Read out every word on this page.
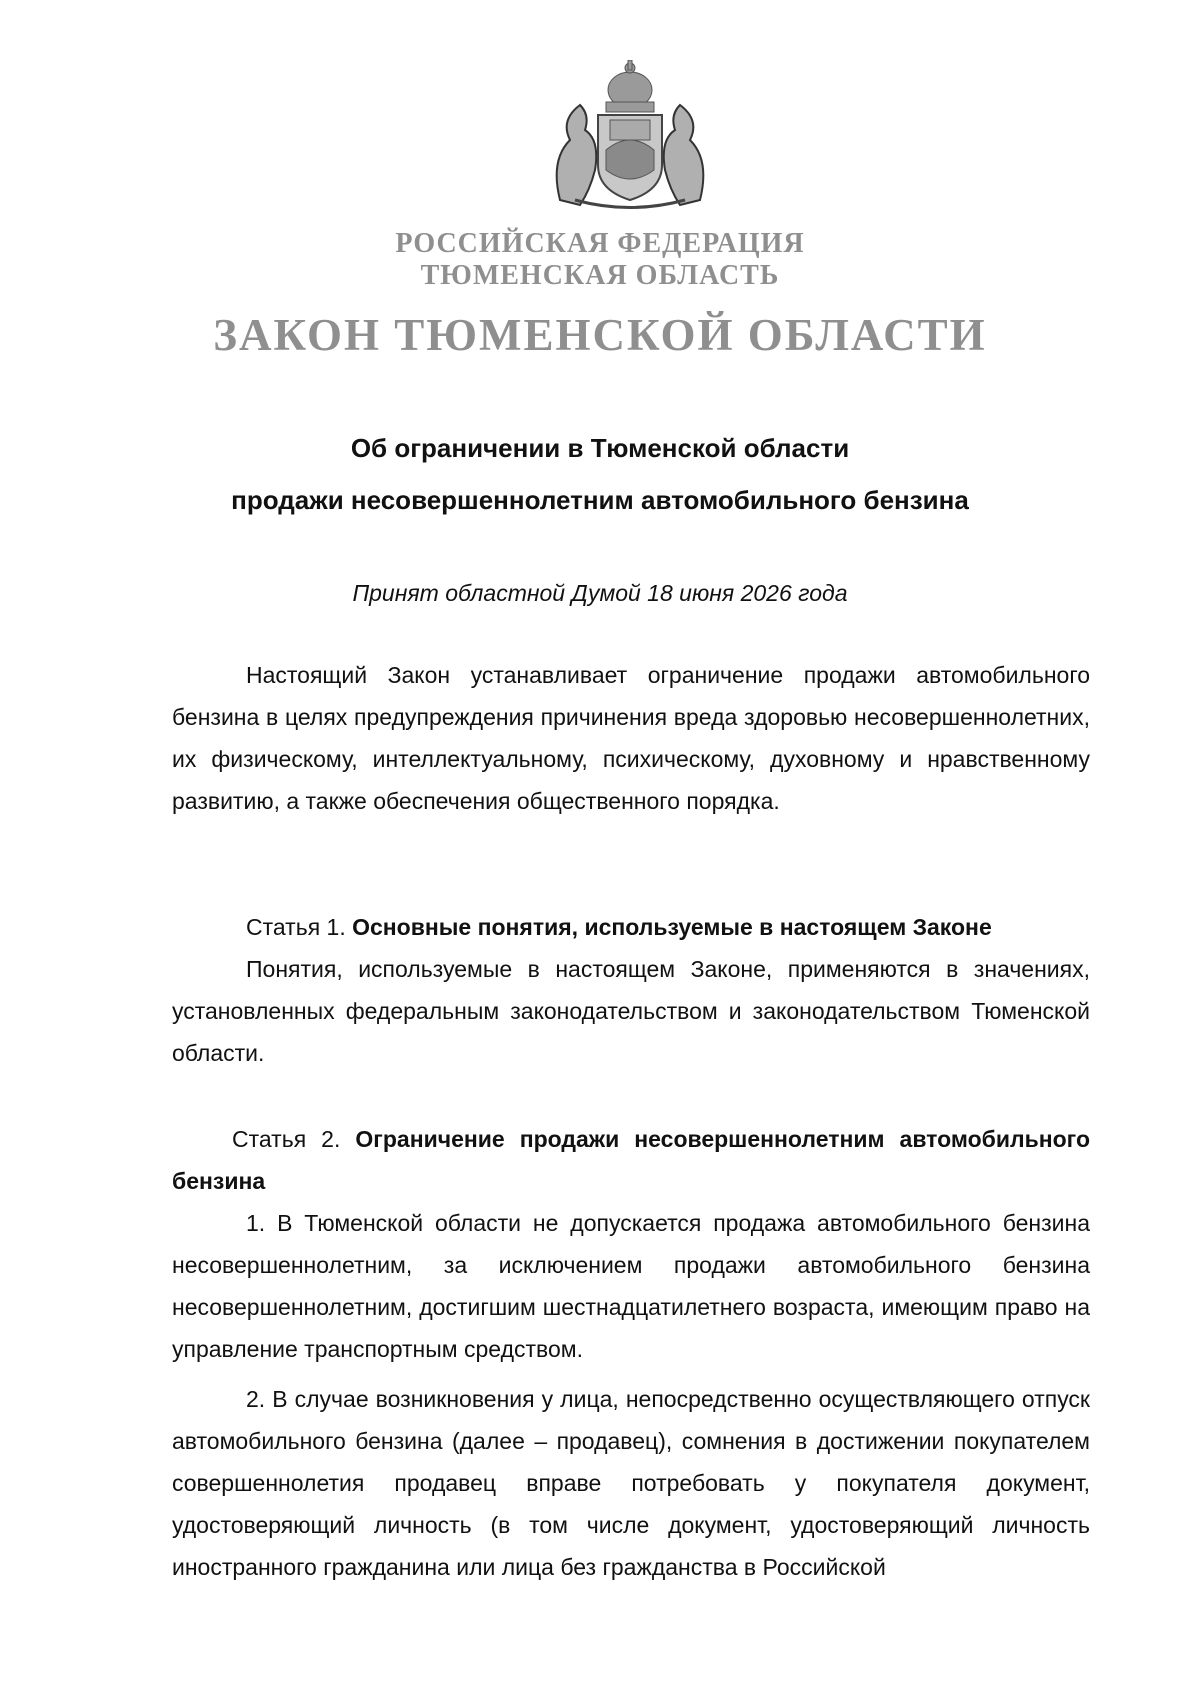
РОССИЙСКАЯ ФЕДЕРАЦИЯ
ТЮМЕНСКАЯ ОБЛАСТЬ
ЗАКОН ТЮМЕНСКОЙ ОБЛАСТИ
Об ограничении в Тюменской области
продажи несовершеннолетним автомобильного бензина
Принят областной Думой 18 июня 2026 года

Настоящий Закон устанавливает ограничение продажи автомобильного бензина в целях предупреждения причинения вреда здоровью несовершеннолетних, их физическому, интеллектуальному, психическому, духовному и нравственному развитию, а также обеспечения общественного порядка.

Статья 1. Основные понятия, используемые в настоящем Законе
Понятия, используемые в настоящем Законе, применяются в значениях, установленных федеральным законодательством и законодательством Тюменской области.
Статья 2. Ограничение продажи несовершеннолетним автомобильного бензина
1. В Тюменской области не допускается продажа автомобильного бензина несовершеннолетним, за исключением продажи автомобильного бензина несовершеннолетним, достигшим шестнадцатилетнего возраста, имеющим право на управление транспортным средством.
2. В случае возникновения у лица, непосредственно осуществляющего отпуск автомобильного бензина (далее – продавец), сомнения в достижении покупателем совершеннолетия продавец вправе потребовать у покупателя документ, удостоверяющий личность (в том числе документ, удостоверяющий личность иностранного гражданина или лица без гражданства в Российской
